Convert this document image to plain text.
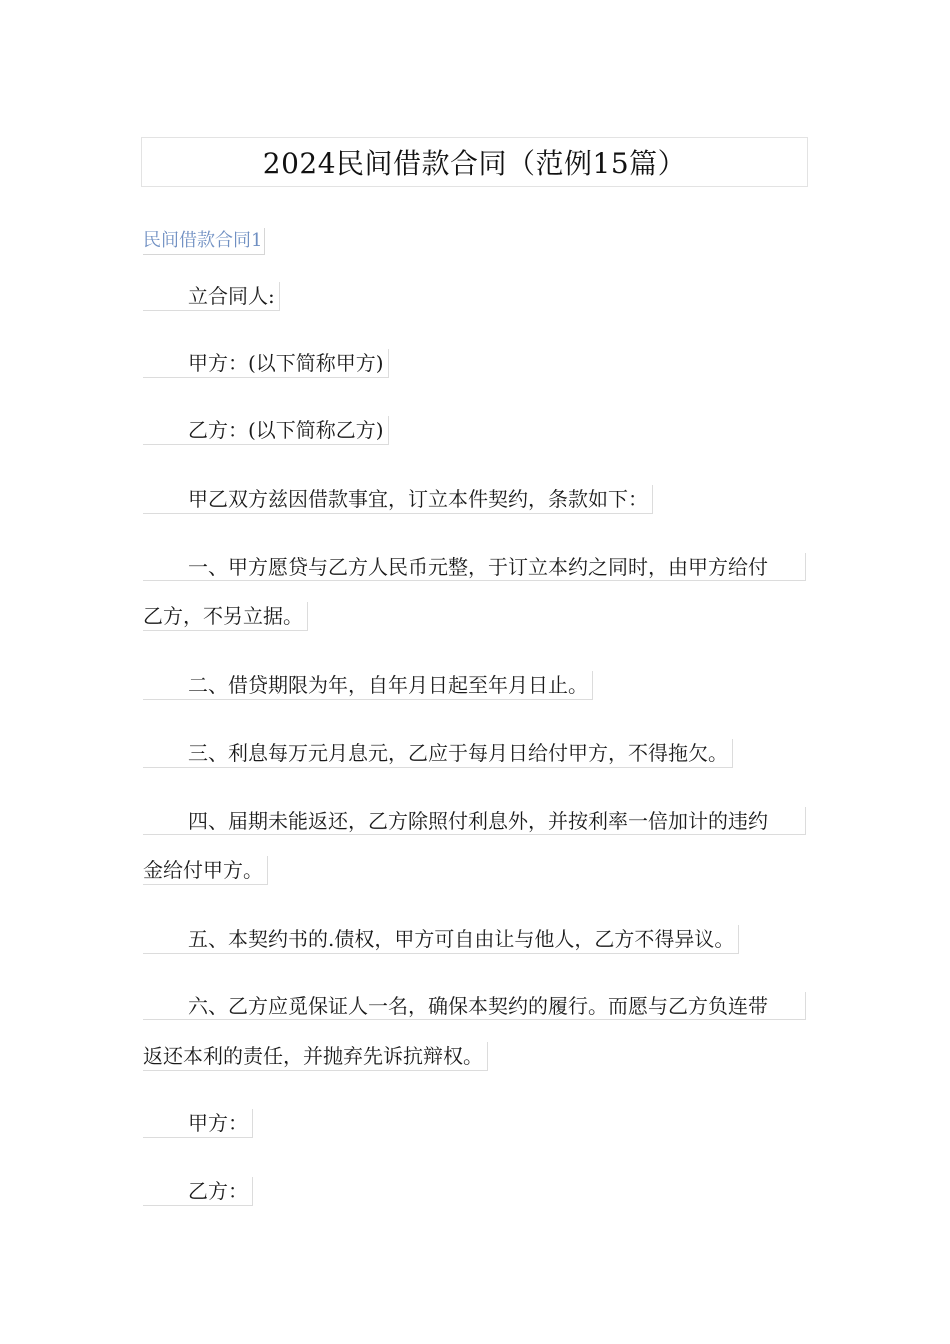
2024民间借款合同（范例15篇）
民间借款合同1
立合同人:
甲方：(以下简称甲方)
乙方：(以下简称乙方)
甲乙双方兹因借款事宜，订立本件契约，条款如下：
一、甲方愿贷与乙方人民币元整，于订立本约之同时，由甲方给付
乙方，不另立据。
二、借贷期限为年，自年月日起至年月日止。
三、利息每万元月息元，乙应于每月日给付甲方，不得拖欠。
四、届期未能返还，乙方除照付利息外，并按利率一倍加计的违约
金给付甲方。
五、本契约书的.债权，甲方可自由让与他人，乙方不得异议。
六、乙方应觅保证人一名，确保本契约的履行。而愿与乙方负连带
返还本利的责任，并抛弃先诉抗辩权。
甲方：
乙方：
